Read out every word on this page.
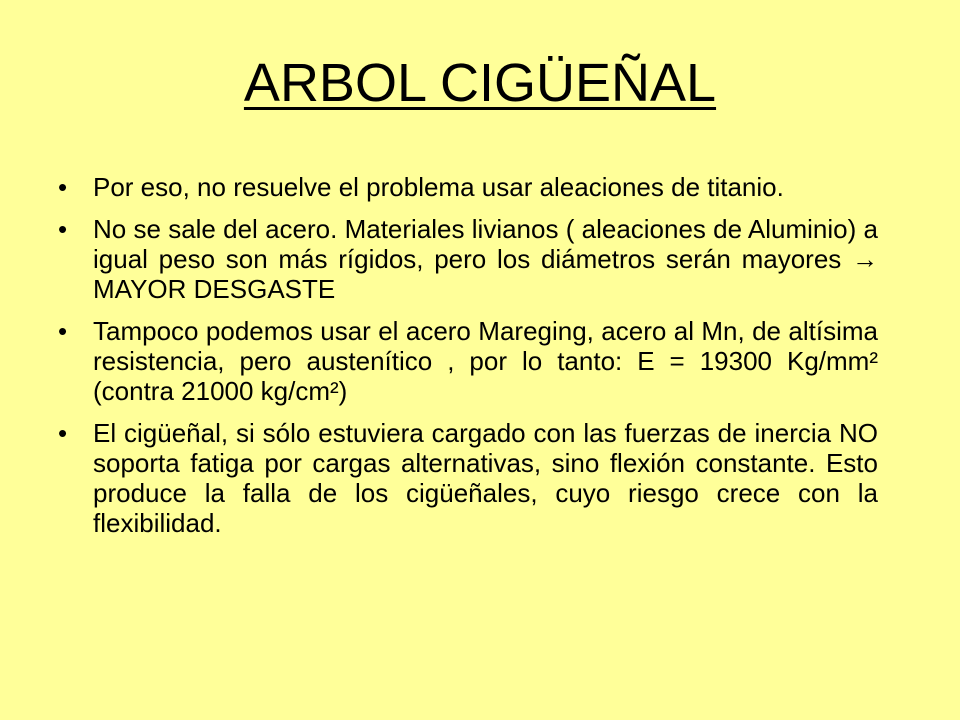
ARBOL CIGÜEÑAL
• Por eso, no resuelve el problema usar aleaciones de titanio.
• No se sale del acero. Materiales livianos ( aleaciones de Aluminio) a igual peso son más rígidos, pero los diámetros serán mayores → MAYOR DESGASTE
• Tampoco podemos usar el acero Mareging, acero al Mn, de altísima resistencia, pero austenítico , por lo tanto: E = 19300 Kg/mm² (contra 21000 kg/cm²)
• El cigüeñal, si sólo estuviera cargado con las fuerzas de inercia NO soporta fatiga por cargas alternativas, sino flexión constante. Esto produce la falla de los cigüeñales, cuyo riesgo crece con la flexibilidad.
